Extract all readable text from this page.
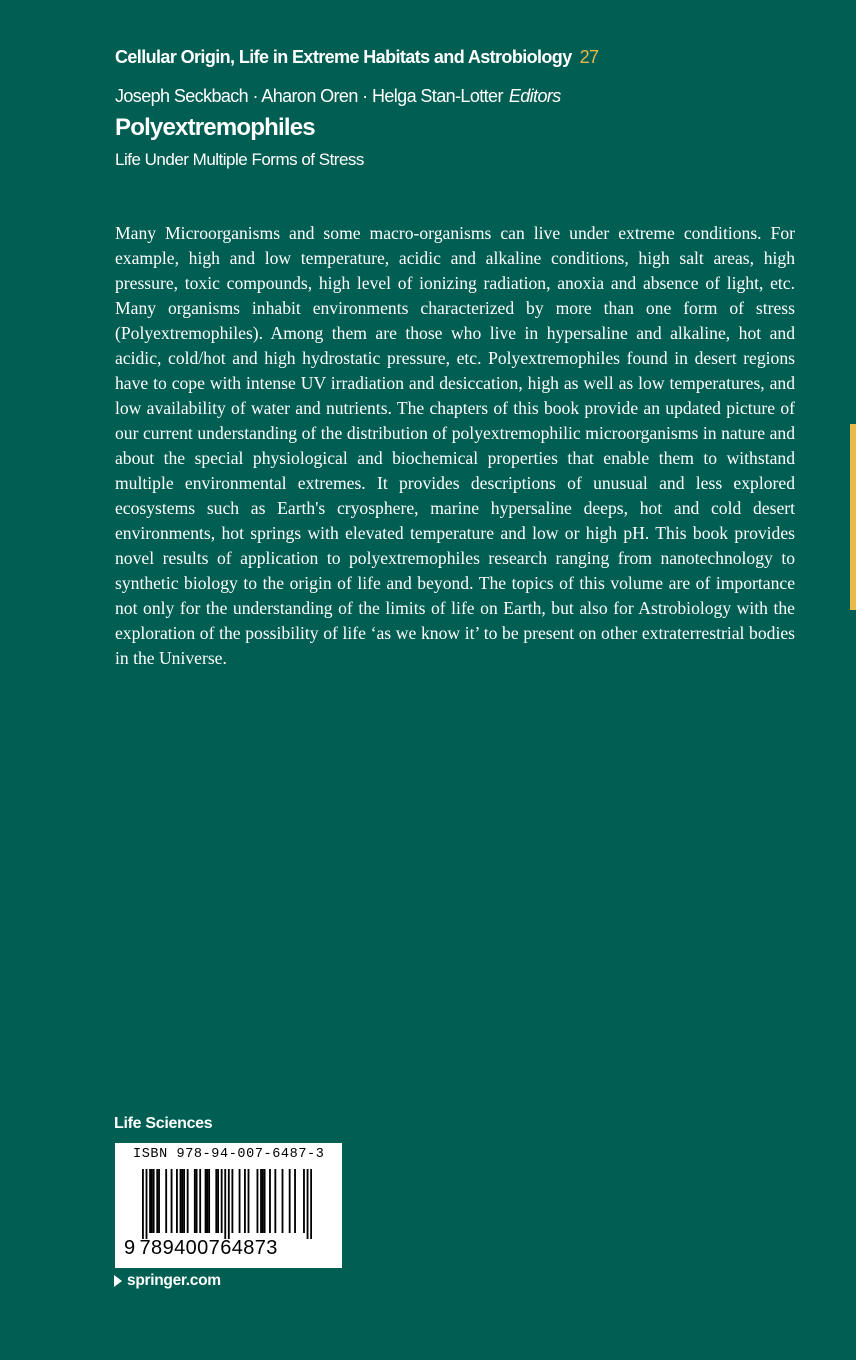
Cellular Origin, Life in Extreme Habitats and Astrobiology 27
Joseph Seckbach · Aharon Oren · Helga Stan-Lotter Editors
Polyextremophiles
Life Under Multiple Forms of Stress

Many Microorganisms and some macro-organisms can live under extreme conditions. For example, high and low temperature, acidic and alkaline conditions, high salt areas, high pressure, toxic compounds, high level of ionizing radiation, anoxia and absence of light, etc. Many organisms inhabit environments characterized by more than one form of stress (Polyextremophiles). Among them are those who live in hypersaline and alkaline, hot and acidic, cold/hot and high hydrostatic pressure, etc. Polyextremophiles found in desert regions have to cope with intense UV irradiation and desiccation, high as well as low temperatures, and low availability of water and nutrients. The chapters of this book provide an updated picture of our current understanding of the distribution of polyextremophilic microorganisms in nature and about the special physiological and biochemical properties that enable them to withstand multiple environmental extremes. It provides descriptions of unusual and less explored ecosystems such as Earth's cryosphere, marine hypersaline deeps, hot and cold desert environments, hot springs with elevated temperature and low or high pH. This book provides novel results of application to polyextremophiles research ranging from nanotechnology to synthetic biology to the origin of life and beyond. The topics of this volume are of importance not only for the understanding of the limits of life on Earth, but also for Astrobiology with the exploration of the possibility of life ‘as we know it’ to be present on other extraterrestrial bodies in the Universe.

Life Sciences
ISBN 978-94-007-6487-3
9 789400764873
springer.com
